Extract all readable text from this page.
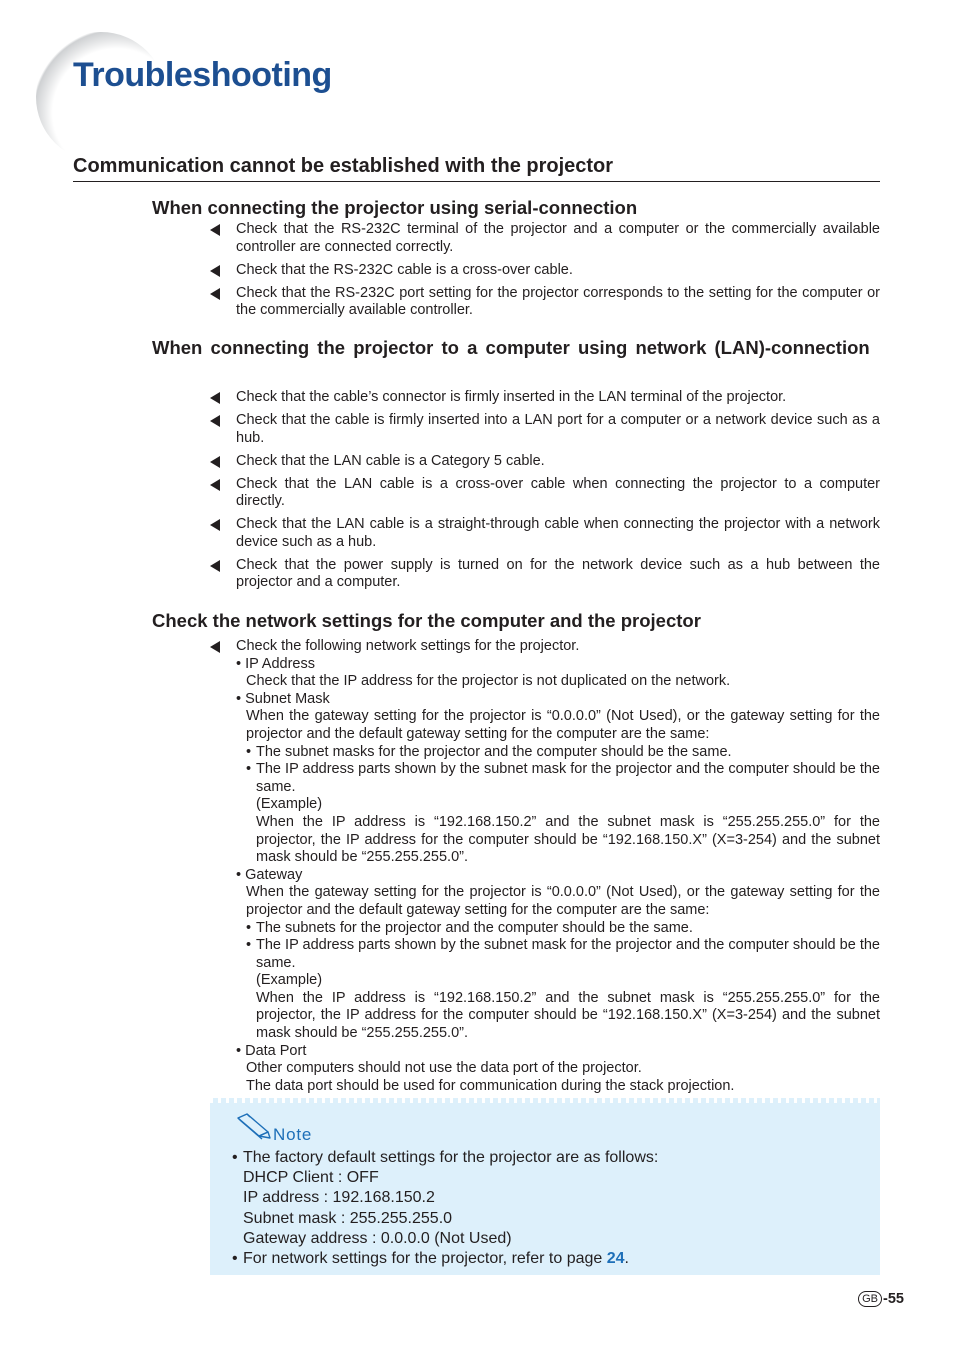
Troubleshooting
Communication cannot be established with the projector
When connecting the projector using serial-connection
Check that the RS-232C terminal of the projector and a computer or the commercially available controller are connected correctly.
Check that the RS-232C cable is a cross-over cable.
Check that the RS-232C port setting for the projector corresponds to the setting for the computer or the commercially available controller.
When connecting the projector to a computer using network (LAN)-connection
Check that the cable’s connector is firmly inserted in the LAN terminal of the projector.
Check that the cable is firmly inserted into a LAN port for a computer or a network device such as a hub.
Check that the LAN cable is a Category 5 cable.
Check that the LAN cable is a cross-over cable when connecting the projector to a computer directly.
Check that the LAN cable is a straight-through cable when connecting the projector with a network device such as a hub.
Check that the power supply is turned on for the network device such as a hub between the projector and a computer.
Check the network settings for the computer and the projector
Check the following network settings for the projector.
• IP Address
Check that the IP address for the projector is not duplicated on the network.
• Subnet Mask
When the gateway setting for the projector is “0.0.0.0” (Not Used), or the gateway setting for the projector and the default gateway setting for the computer are the same:
• The subnet masks for the projector and the computer should be the same.
• The IP address parts shown by the subnet mask for the projector and the computer should be the same.
(Example)
When the IP address is “192.168.150.2” and the subnet mask is “255.255.255.0” for the projector, the IP address for the computer should be “192.168.150.X” (X=3-254) and the subnet mask should be “255.255.255.0”.
• Gateway
When the gateway setting for the projector is “0.0.0.0” (Not Used), or the gateway setting for the projector and the default gateway setting for the computer are the same:
• The subnets for the projector and the computer should be the same.
• The IP address parts shown by the subnet mask for the projector and the computer should be the same.
(Example)
When the IP address is “192.168.150.2” and the subnet mask is “255.255.255.0” for the projector, the IP address for the computer should be “192.168.150.X” (X=3-254) and the subnet mask should be “255.255.255.0”.
• Data Port
Other computers should not use the data port of the projector.
The data port should be used for communication during the stack projection.
Note
• The factory default settings for the projector are as follows:
DHCP Client : OFF
IP address : 192.168.150.2
Subnet mask : 255.255.255.0
Gateway address : 0.0.0.0 (Not Used)
• For network settings for the projector, refer to page 24.
GB -55
